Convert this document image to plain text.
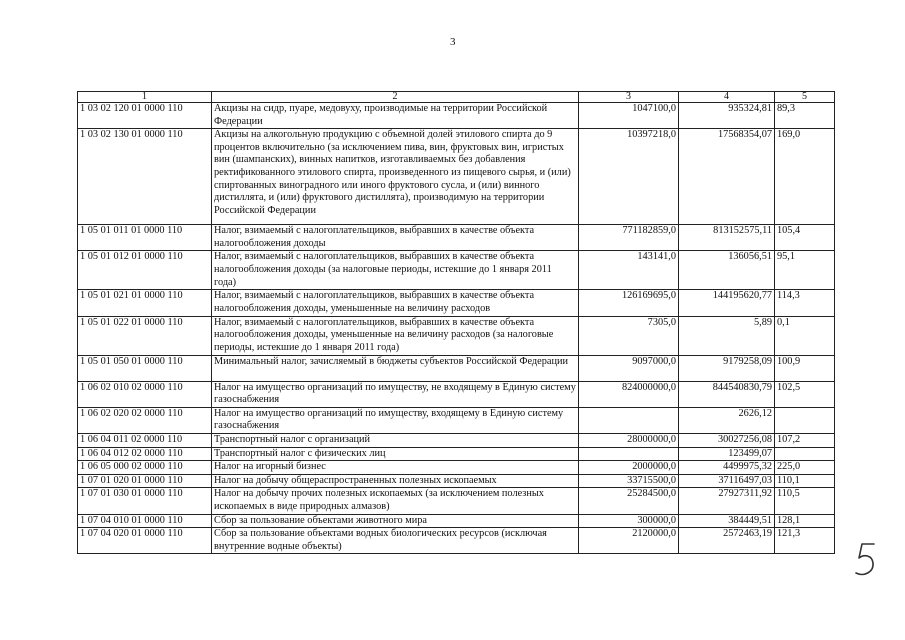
3
1	2	3	4	5
1 03 02 120 01 0000 110	Акцизы на сидр, пуаре, медовуху, производимые на территории Российской Федерации	1047100,0	935324,81	89,3
1 03 02 130 01 0000 110	Акцизы на алкогольную продукцию с объемной долей этилового спирта до 9 процентов включительно (за исключением пива, вин, фруктовых вин, игристых вин (шампанских), винных напитков, изготавливаемых без добавления ректификованного этилового спирта, произведенного из пищевого сырья, и (или) спиртованных виноградного или иного фруктового сусла, и (или) винного дистиллята, и (или) фруктового дистиллята), производимую на территории Российской Федерации	10397218,0	17568354,07	169,0
1 05 01 011 01 0000 110	Налог, взимаемый с налогоплательщиков, выбравших в качестве объекта налогообложения доходы	771182859,0	813152575,11	105,4
1 05 01 012 01 0000 110	Налог, взимаемый с налогоплательщиков, выбравших в качестве объекта налогообложения доходы (за налоговые периоды, истекшие до 1 января 2011 года)	143141,0	136056,51	95,1
1 05 01 021 01 0000 110	Налог, взимаемый с налогоплательщиков, выбравших в качестве объекта налогообложения доходы, уменьшенные на величину расходов	126169695,0	144195620,77	114,3
1 05 01 022 01 0000 110	Налог, взимаемый с налогоплательщиков, выбравших в качестве объекта налогообложения доходы, уменьшенные на величину расходов (за налоговые периоды, истекшие до 1 января 2011 года)	7305,0	5,89	0,1
1 05 01 050 01 0000 110	Минимальный налог, зачисляемый в бюджеты субъектов Российской Федерации	9097000,0	9179258,09	100,9
1 06 02 010 02 0000 110	Налог на имущество организаций по имуществу, не входящему в Единую систему газоснабжения	824000000,0	844540830,79	102,5
1 06 02 020 02 0000 110	Налог на имущество организаций по имуществу, входящему в Единую систему газоснабжения		2626,12	
1 06 04 011 02 0000 110	Транспортный налог с организаций	28000000,0	30027256,08	107,2
1 06 04 012 02 0000 110	Транспортный налог с физических лиц		123499,07	
1 06 05 000 02 0000 110	Налог на игорный бизнес	2000000,0	4499975,32	225,0
1 07 01 020 01 0000 110	Налог на добычу общераспространенных полезных ископаемых	33715500,0	37116497,03	110,1
1 07 01 030 01 0000 110	Налог на добычу прочих полезных ископаемых (за исключением полезных ископаемых в виде природных алмазов)	25284500,0	27927311,92	110,5
1 07 04 010 01 0000 110	Сбор за пользование объектами животного мира	300000,0	384449,51	128,1
1 07 04 020 01 0000 110	Сбор за пользование объектами водных биологических ресурсов (исключая внутренние водные объекты)	2120000,0	2572463,19	121,3
